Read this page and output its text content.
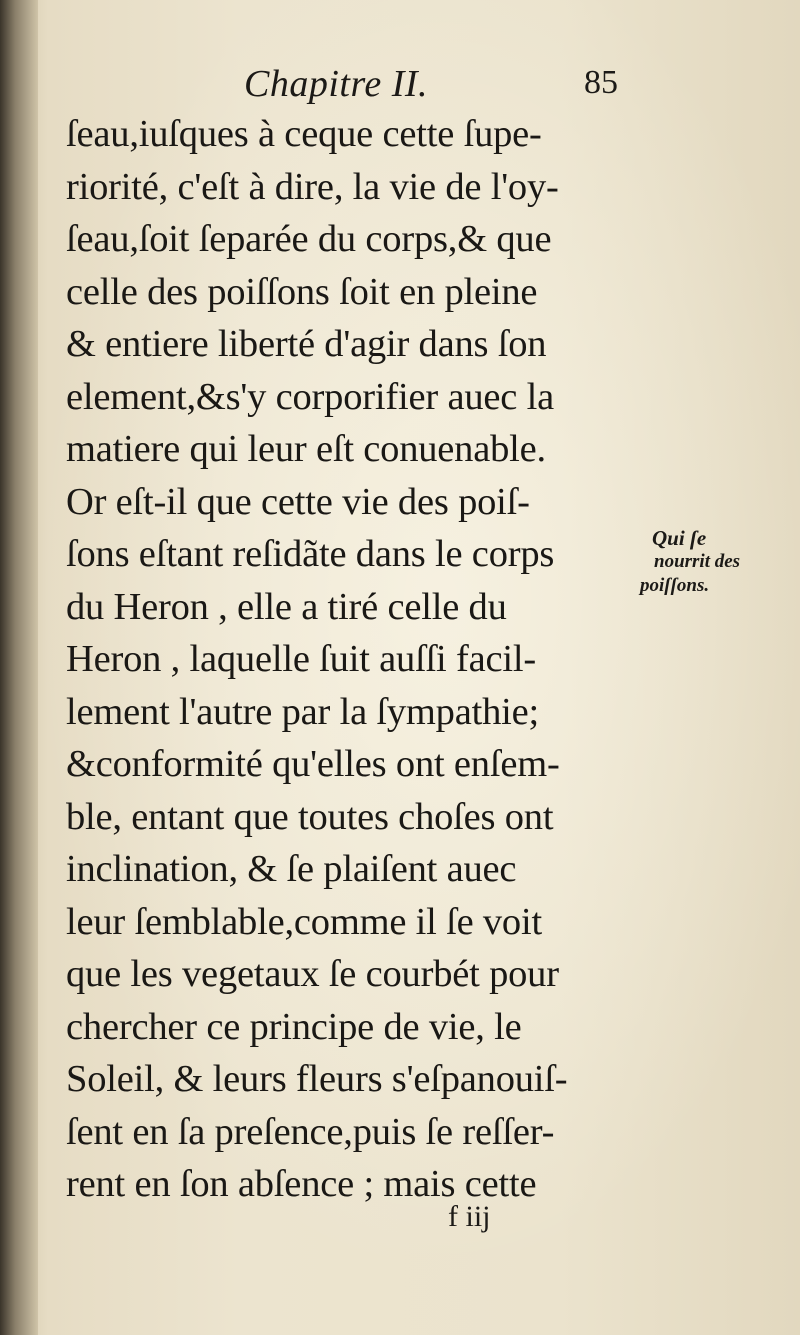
Chapitre II.	85
ſeau,iuſques à ceque cette ſupe-
riorité, c'eſt à dire, la vie de l'oy-
ſeau,ſoit ſeparée du corps,& que
celle des poiſſons ſoit en pleine
& entiere liberté d'agir dans ſon
element,&s'y corporifier auec la
matiere qui leur eſt conuenable.
Or eſt-il que cette vie des poiſ-
ſons eſtant reſidãte dans le corps
du Heron , elle a tiré celle du
Heron , laquelle ſuit auſſi facil-
lement l'autre par la ſympathie;
&conformité qu'elles ont enſem-
ble, entant que toutes choſes ont
inclination, & ſe plaiſent auec
leur ſemblable,comme il ſe voit
que les vegetaux ſe courbét pour
chercher ce principe de vie, le
Soleil, & leurs fleurs s'eſpanouiſ-
ſent en ſa preſence,puis ſe reſſer-
rent en ſon abſence ; mais cette
Qui ſe
nourrit des
poiſſons.
f iij
